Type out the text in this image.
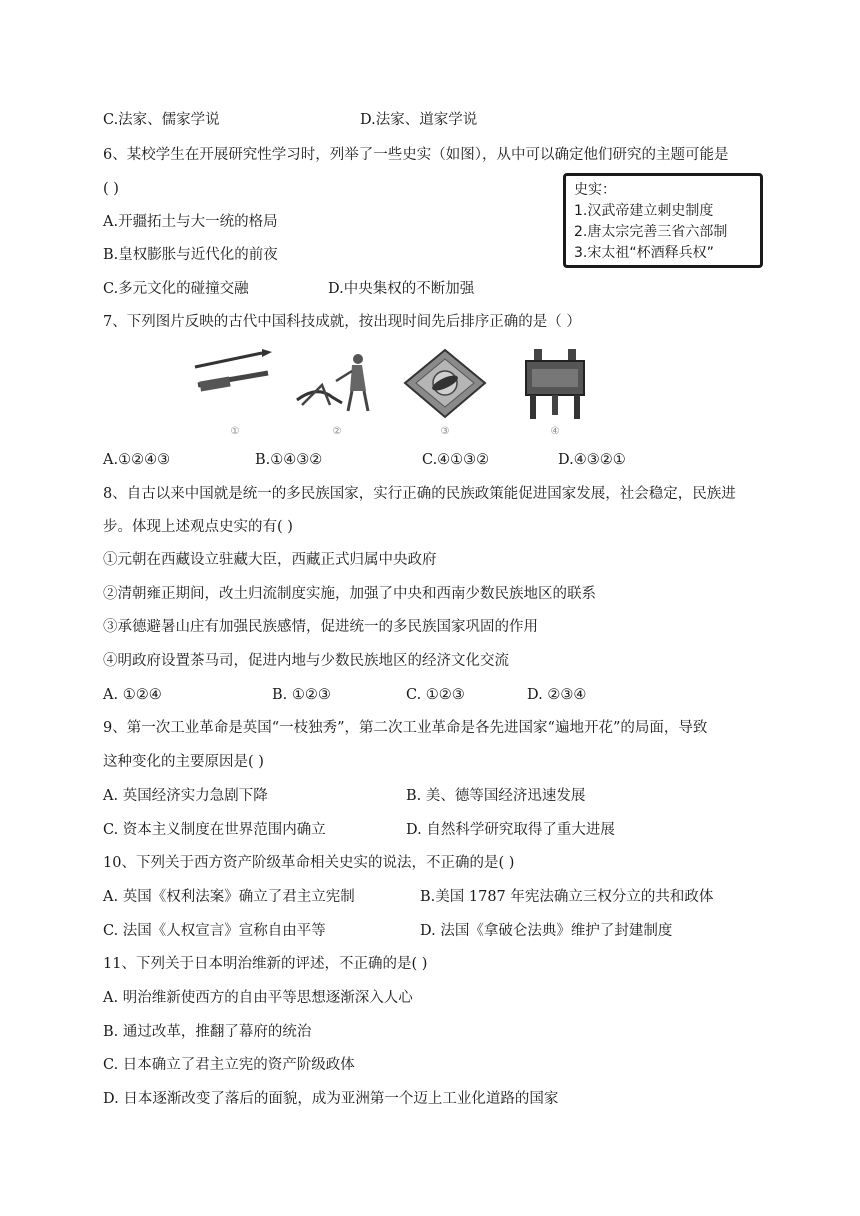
C.法家、儒家学说	D.法家、道家学说
6、某校学生在开展研究性学习时，列举了一些史实（如图），从中可以确定他们研究的主题可能是
( )
A.开疆拓土与大一统的格局
B.皇权膨胀与近代化的前夜
C.多元文化的碰撞交融	D.中央集权的不断加强
史实：
1.汉武帝建立刺史制度
2.唐太宗完善三省六部制
3.宋太祖“杯酒释兵权”
7、下列图片反映的古代中国科技成就，按出现时间先后排序正确的是（ ）
①	②	③	④
A.①②④③	B.①④③②	C.④①③②	D.④③②①
8、自古以来中国就是统一的多民族国家，实行正确的民族政策能促进国家发展，社会稳定，民族进
步。体现上述观点史实的有( )
①元朝在西藏设立驻藏大臣，西藏正式归属中央政府
②清朝雍正期间，改土归流制度实施，加强了中央和西南少数民族地区的联系
③承德避暑山庄有加强民族感情，促进统一的多民族国家巩固的作用
④明政府设置茶马司，促进内地与少数民族地区的经济文化交流
A. ①②④	B. ①②③	C. ①②③	D. ②③④
9、第一次工业革命是英国“一枝独秀”，第二次工业革命是各先进国家“遍地开花”的局面，导致
这种变化的主要原因是( )
A. 英国经济实力急剧下降	B. 美、德等国经济迅速发展
C. 资本主义制度在世界范围内确立	D. 自然科学研究取得了重大进展
10、下列关于西方资产阶级革命相关史实的说法，不正确的是( )
A. 英国《权利法案》确立了君主立宪制	B.美国 1787 年宪法确立三权分立的共和政体
C. 法国《人权宣言》宣称自由平等	D. 法国《拿破仑法典》维护了封建制度
11、下列关于日本明治维新的评述，不正确的是( )
A. 明治维新使西方的自由平等思想逐渐深入人心
B. 通过改革，推翻了幕府的统治
C. 日本确立了君主立宪的资产阶级政体
D. 日本逐渐改变了落后的面貌，成为亚洲第一个迈上工业化道路的国家
